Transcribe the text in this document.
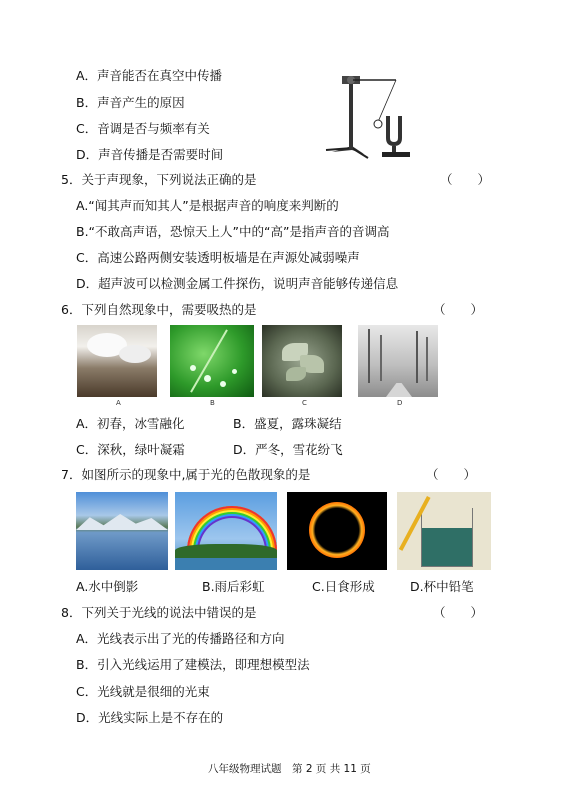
A．声音能否在真空中传播
B．声音产生的原因
C．音调是否与频率有关
D．声音传播是否需要时间
5．关于声现象，下列说法正确的是	（　　）
A.“闻其声而知其人”是根据声音的响度来判断的
B.“不敢高声语，恐惊天上人”中的“高”是指声音的音调高
C．高速公路两侧安装透明板墙是在声源处减弱噪声
D．超声波可以检测金属工件探伤，说明声音能够传递信息
6．下列自然现象中，需要吸热的是	（　　）
A	B	C	D
A．初春，冰雪融化	B．盛夏，露珠凝结
C．深秋，绿叶凝霜	D．严冬，雪花纷飞
7．如图所示的现象中,属于光的色散现象的是	（　　）
A.水中倒影	B.雨后彩虹	C.日食形成	D.杯中铅笔
8．下列关于光线的说法中错误的是	（　　）
A．光线表示出了光的传播路径和方向
B．引入光线运用了建模法，即理想模型法
C．光线就是很细的光束
D．光线实际上是不存在的
八年级物理试题　第 2 页 共 11 页
